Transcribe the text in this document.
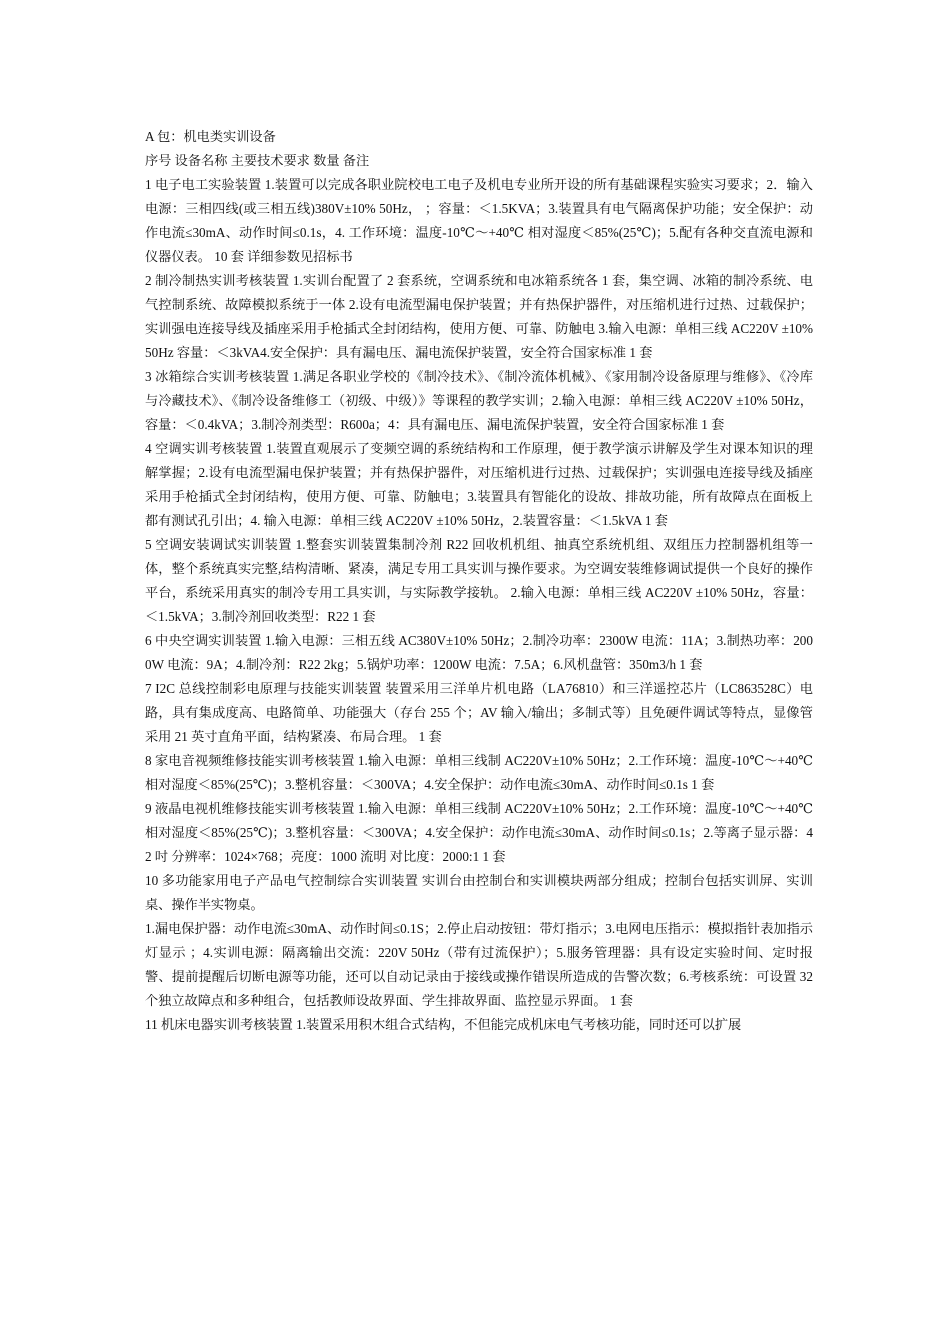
A 包：机电类实训设备

序号 设备名称 主要技术要求 数量 备注

1 电子电工实验装置 1.装置可以完成各职业院校电工电子及机电专业所开设的所有基础课程实验实习要求；2．输入电源：三相四线(或三相五线)380V±10% 50Hz， ；容量：＜1.5KVA；3.装置具有电气隔离保护功能；安全保护：动作电流≤30mA、动作时间≤0.1s，4. 工作环境：温度-10℃～+40℃ 相对湿度＜85%(25℃)；5.配有各种交直流电源和仪器仪表。 10 套 详细参数见招标书

2 制冷制热实训考核装置 1.实训台配置了 2 套系统，空调系统和电冰箱系统各 1 套，集空调、冰箱的制冷系统、电气控制系统、故障模拟系统于一体 2.设有电流型漏电保护装置；并有热保护器件，对压缩机进行过热、过载保护；实训强电连接导线及插座采用手枪插式全封闭结构，使用方便、可靠、防触电 3.输入电源：单相三线 AC220V ±10% 50Hz 容量：＜3kVA4.安全保护：具有漏电压、漏电流保护装置，安全符合国家标准 1 套

3 冰箱综合实训考核装置 1.满足各职业学校的《制冷技术》、《制冷流体机械》、《家用制冷设备原理与维修》、《冷库与冷藏技术》、《制冷设备维修工（初级、中级）》等课程的教学实训；2.输入电源：单相三线 AC220V ±10% 50Hz，容量：＜0.4kVA；3.制冷剂类型：R600a；4：具有漏电压、漏电流保护装置，安全符合国家标准 1 套

4 空调实训考核装置 1.装置直观展示了变频空调的系统结构和工作原理，便于教学演示讲解及学生对课本知识的理解掌握；2.设有电流型漏电保护装置；并有热保护器件，对压缩机进行过热、过载保护；实训强电连接导线及插座采用手枪插式全封闭结构，使用方便、可靠、防触电；3.装置具有智能化的设故、排故功能，所有故障点在面板上都有测试孔引出；4. 输入电源：单相三线 AC220V ±10% 50Hz，2.装置容量：＜1.5kVA 1 套

5 空调安装调试实训装置 1.整套实训装置集制冷剂 R22 回收机机组、抽真空系统机组、双组压力控制器机组等一体，整个系统真实完整,结构清晰、紧凑，满足专用工具实训与操作要求。为空调安装维修调试提供一个良好的操作平台，系统采用真实的制冷专用工具实训，与实际教学接轨。 2.输入电源：单相三线 AC220V ±10% 50Hz，容量：＜1.5kVA；3.制冷剂回收类型：R22 1 套

6 中央空调实训装置 1.输入电源：三相五线 AC380V±10% 50Hz；2.制冷功率：2300W 电流：11A；3.制热功率：2000W 电流：9A；4.制冷剂：R22 2kg；5.锅炉功率：1200W 电流：7.5A；6.风机盘管：350m3/h 1 套

7 I2C 总线控制彩电原理与技能实训装置 装置采用三洋单片机电路（LA76810）和三洋遥控芯片（LC863528C）电路，具有集成度高、电路简单、功能强大（存台 255 个；AV 输入/输出；多制式等）且免硬件调试等特点，显像管采用 21 英寸直角平面，结构紧凑、布局合理。 1 套

8 家电音视频维修技能实训考核装置 1.输入电源：单相三线制 AC220V±10% 50Hz；2.工作环境：温度-10℃～+40℃ 相对湿度＜85%(25℃)；3.整机容量：＜300VA；4.安全保护：动作电流≤30mA、动作时间≤0.1s 1 套

9 液晶电视机维修技能实训考核装置 1.输入电源：单相三线制 AC220V±10% 50Hz；2.工作环境：温度-10℃～+40℃ 相对湿度＜85%(25℃)；3.整机容量：＜300VA；4.安全保护：动作电流≤30mA、动作时间≤0.1s；2.等离子显示器：42 吋 分辨率：1024×768；亮度：1000 流明 对比度：2000:1 1 套

10 多功能家用电子产品电气控制综合实训装置 实训台由控制台和实训模块两部分组成；控制台包括实训屏、实训桌、操作半实物桌。

1.漏电保护器：动作电流≤30mA、动作时间≤0.1S；2.停止启动按钮：带灯指示；3.电网电压指示：模拟指针表加指示灯显示 ；4.实训电源：隔离输出交流：220V 50Hz（带有过流保护）；5.服务管理器：具有设定实验时间、定时报警、提前提醒后切断电源等功能，还可以自动记录由于接线或操作错误所造成的告警次数；6.考核系统：可设置 32 个独立故障点和多种组合，包括教师设故界面、学生排故界面、监控显示界面。 1 套

11 机床电器实训考核装置 1.装置采用积木组合式结构，不但能完成机床电气考核功能，同时还可以扩展
